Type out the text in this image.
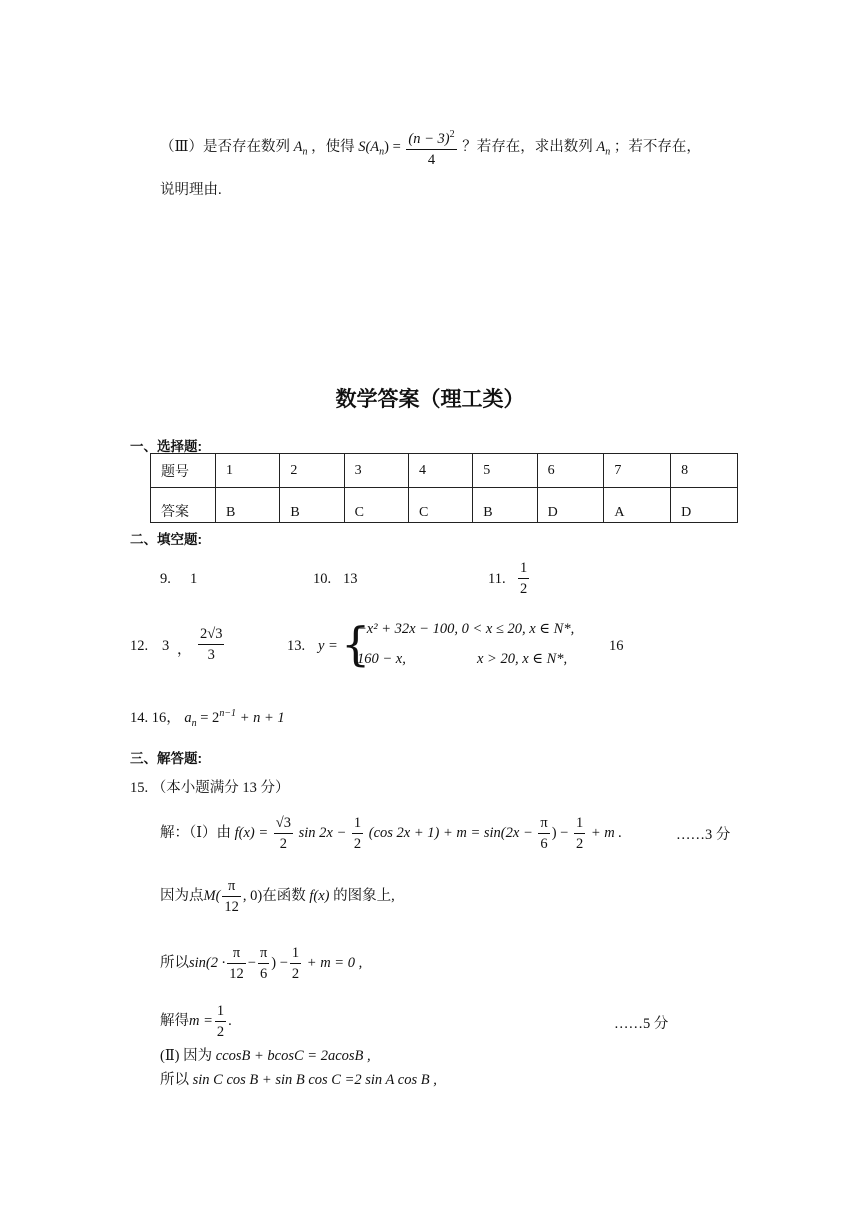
（Ⅲ）是否存在数列 $A_n$ ，使得 $S(A_n) = \frac{(n - 3)^2}{4}$ ？若存在，求出数列 $A_n$ ；若不存在，
说明理由.
数学答案（理工类）
一、选择题:
题号	1	2	3	4	5	6	7	8
答案	B	B	C	C	B	D	A	D
二、填空题:
9. 1	10. 13	11. $\frac{1}{2}$
12. 3 ， $\frac{2√3}{3}$	13. y = {
−x² + 32x − 100, 0 < x ≤ 20, x ∈ N*,
160 − x,	x > 20, x ∈ N*,
16
14. 16， $a_n = 2^{n-1} + n + 1$
三、解答题:
15. （本小题满分 13 分）
解：（Ⅰ）由 $f(x) = \frac{√3}{2}$ $\sin 2x - \frac{1}{2} (\cos$ $2x + 1) + m = \sin(2x - \frac{\pi}{6}$ ) − $\frac{1}{2} + m$ .	……3 分
因为点$M( \frac{\pi}{12}$ , 0)在函数 f(x) 的图象上,
所以$\sin(2 \cdot \frac{\pi}{12} - \frac{\pi}{6}$ ) − $\frac{1}{2} + m = 0$ ,
解得$m = \frac{1}{2}$ .	……5 分
(Ⅱ) 因为 ccosB + bcosC = 2acosB ,
所以 sin C cos B + sin B cos C =2 sin A cos B ,
